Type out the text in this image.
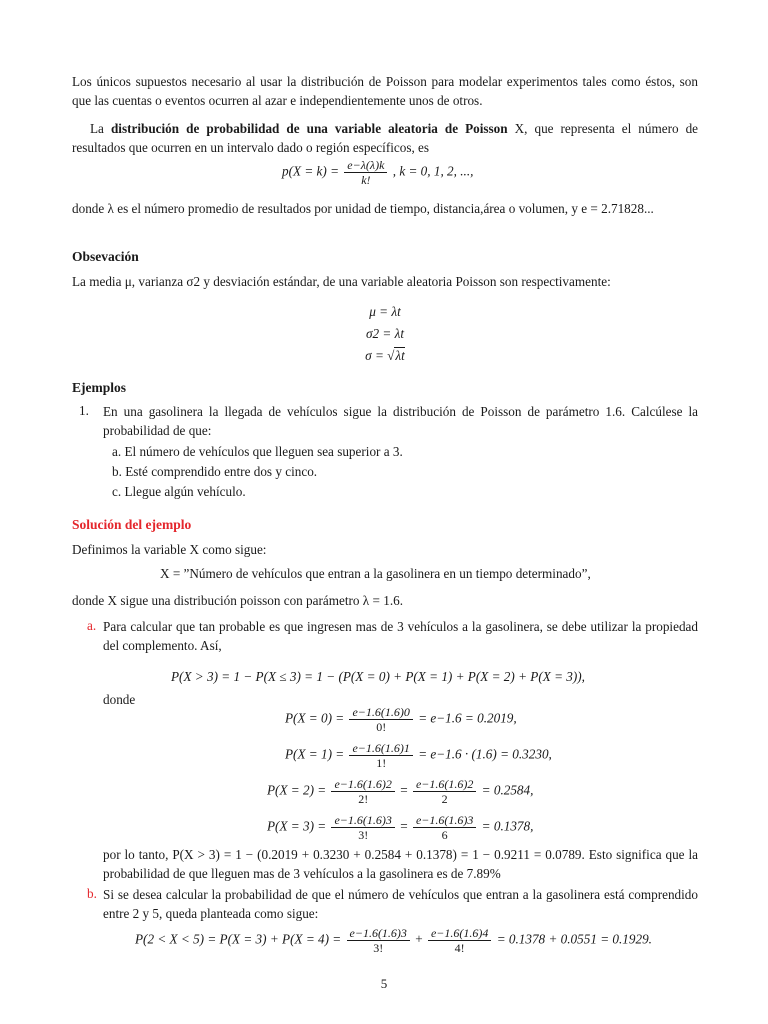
Los únicos supuestos necesario al usar la distribución de Poisson para modelar experimentos tales como éstos, son que las cuentas o eventos ocurren al azar e independientemente unos de otros.
La distribución de probabilidad de una variable aleatoria de Poisson X, que representa el número de resultados que ocurren en un intervalo dado o región específicos, es
$p(X = k) = \frac{e-\lambda(\lambda)k}{k!}$ , k = 0, 1, 2, ...,
donde λ es el número promedio de resultados por unidad de tiempo, distancia,área o volumen, y e = 2.71828...
Obsevación
La media μ, varianza σ2 y desviación estándar, de una variable aleatoria Poisson son respectivamente:
μ = λt
σ2 = λt
σ = √λt
Ejemplos
1. En una gasolinera la llegada de vehículos sigue la distribución de Poisson de parámetro 1.6. Calcúlese la probabilidad de que:
a. El número de vehículos que lleguen sea superior a 3.
b. Esté comprendido entre dos y cinco.
c. Llegue algún vehículo.
Solución del ejemplo
Definimos la variable X como sigue:
X = ”Número de vehículos que entran a la gasolinera en un tiempo determinado”,
donde X sigue una distribución poisson con parámetro λ = 1.6.
a. Para calcular que tan probable es que ingresen mas de 3 vehículos a la gasolinera, se debe utilizar la propiedad del complemento. Así,
P(X > 3) = 1 − P(X ≤ 3) = 1 − (P(X = 0) + P(X = 1) + P(X = 2) + P(X = 3)),
donde
$P(X = 0) = \frac{e-1.6(1.6)0}{0!} = e-1.6 = 0.2019$,
$P(X = 1) = \frac{e-1.6(1.6)1}{1!} = e-1.6 \cdot (1.6) = 0.3230$,
$P(X = 2) = \frac{e-1.6(1.6)2}{2!} = \frac{e-1.6(1.6)2}{2} = 0.2584$,
$P(X = 3) = \frac{e-1.6(1.6)3}{3!} = \frac{e-1.6(1.6)3}{6} = 0.1378$,
por lo tanto, P(X > 3) = 1 − (0.2019 + 0.3230 + 0.2584 + 0.1378) = 1 − 0.9211 = 0.0789. Esto significa que la probabilidad de que lleguen mas de 3 vehículos a la gasolinera es de 7.89%
b. Si se desea calcular la probabilidad de que el número de vehículos que entran a la gasolinera está comprendido entre 2 y 5, queda planteada como sigue:
$P(2 < X < 5) = P(X = 3) + P(X = 4) = \frac{e-1.6(1.6)3}{3!} + \frac{e-1.6(1.6)4}{4!} = 0.1378 + 0.0551 = 0.1929$.
5
